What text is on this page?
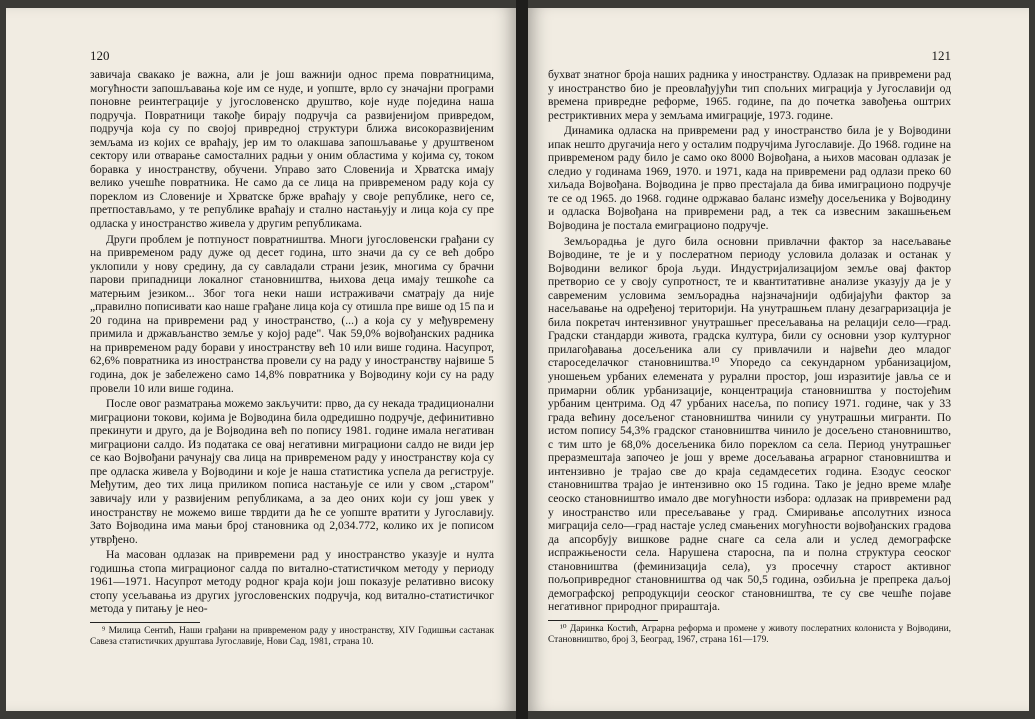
120

завичаја свакако је важна, али је још важнији однос према повратницима, могућности запошљавања које им се нуде, и уопште, врло су значајни програми поновне реинтеграције у југословенско друштво, које нуде поједина наша подручја. Повратници такође бирају подручја са развијенијом привредом, подручја која су по својој привредној структури ближа високоразвијеним земљама из којих се враћају, јер им то олакшава запошљавање у друштвеном сектору или отварање самосталних радњи у оним областима у којима су, током боравка у иностранству, обучени. Управо зато Словенија и Хрватска имају велико учешће повратника. Не само да се лица на привременом раду која су пореклом из Словеније и Хрватске брже враћају у своје републике, него се, претпостављамо, у те републике враћају и стално настањују и лица која су пре одласка у иностранство живела у другим републикама.

Други проблем је потпуност повратништва. Многи југословенски грађани су на привременом раду дуже од десет година, што значи да су се већ добро уклопили у нову средину, да су савладали страни језик, многима су брачни парови припадници локалног становништва, њихова деца имају тешкоће са матерњим језиком... Због тога неки наши истраживачи сматрају да није „правилно пописивати као наше грађане лица која су отишла пре више од 15 па и 20 година на привремени рад у иностранство, (...) а која су у међувремену примила и држављанство земље у којој раде". Чак 59,0% војвођанских радника на привременом раду борави у иностранству већ 10 или више година. Насупрот, 62,6% повратника из иностранства провели су на раду у иностранству највише 5 година, док је забележено само 14,8% повратника у Војводину који су на раду провели 10 или више година.

После овог разматрања можемо закључити: прво, да су некада традиционални миграциони токови, којима је Војводина била одредишно подручје, дефинитивно прекинути и друго, да је Војводина већ по попису 1981. године имала негативан миграциони салдо. Из података се овај негативни миграциони салдо не види јер се као Војвођани рачунају сва лица на привременом раду у иностранству која су пре одласка живела у Војводини и које је наша статистика успела да региструје. Међутим, део тих лица приликом пописа настањује се или у свом „старом" завичају или у развијеним републикама, а за део оних који су још увек у иностранству не можемо више тврдити да ће се уопште вратити у Југославију. Зато Војводина има мањи број становника од 2,034.772, колико их је пописом утврђено.

На масован одлазак на привремени рад у иностранство указује и нулта годишња стопа миграционог салда по витално-статистичком методу у периоду 1961—1971. Насупрот методу родног краја који још показује релативно високу стопу усељавања из других југословенских подручја, код витално-статистичког метода у питању је нео-

⁹ Милица Сентић, Наши грађани на привременом раду у иностранству, XIV Годишњи састанак Савеза статистичких друштава Југославије, Нови Сад, 1981, страна 10.

121

бухват знатног броја наших радника у иностранству. Одлазак на привремени рад у иностранство био је преовлађујући тип спољних миграција у Југославији од времена привредне реформе, 1965. године, па до почетка завођења оштрих рестриктивних мера у земљама имиграције, 1973. године.

Динамика одласка на привремени рад у иностранство била је у Војводини ипак нешто другачија него у осталим подручјима Југославије. До 1968. године на привременом раду било је само око 8000 Војвођана, а њихов масован одлазак је следио у годинама 1969, 1970. и 1971, када на привремени рад одлази преко 60 хиљада Војвођана. Војводина је прво престајала да бива имиграционо подручје те се од 1965. до 1968. године одржавао баланс између досељеника у Војводину и одласка Војвођана на привремени рад, а тек са извесним закашњењем Војводина је постала емиграционо подручје.

Земљорадња је дуго била основни привлачни фактор за насељавање Војводине, те је и у послератном периоду условила долазак и останак у Војводини великог броја људи. Индустријализацијом земље овај фактор претворио се у своју супротност, те и квантитативне анализе указују да је у савременим условима земљорадња најзначајнији одбијајући фактор за насељавање на одређеној територији. На унутрашњем плану дезаграризација је била покретач интензивног унутрашњег пресељавања на релацији село—град. Градски стандарди живота, градска култура, били су основни узор културног прилагођавања досељеника али су привлачили и највећи део младог староседелачког становништва.¹⁰ Упоредо са секундарном урбанизацијом, уношењем урбаних елемената у рурални простор, још изразитије јавља се и примарни облик урбанизације, концентрација становништва у постојећим урбаним центрима. Од 47 урбаних насеља, по попису 1971. године, чак у 33 града већину досељеног становништва чинили су унутрашњи мигранти. По истом попису 54,3% градског становништва чинило је досељено становништво, с тим што је 68,0% досељеника било пореклом са села. Период унутрашњег преразмештаја започео је још у време досељавања аграрног становништва и интензивно је трајао све до краја седамдесетих година. Езодус сеоског становништва трајао је интензивно око 15 година. Тако је једно време млађе сеоско становништво имало две могућности избора: одлазак на привремени рад у иностранство или пресељавање у град. Смиривање апсолутних износа миграција село—град настаје услед смањених могућности војвођанских градова да апсорбују вишкове радне снаге са села али и услед демографске испражњености села. Нарушена старосна, па и полна структура сеоског становништва (феминизација села), уз просечну старост активног пољопривредног становништва од чак 50,5 година, озбиљна је препрека даљој демографској репродукцији сеоског становништва, те су све чешће појаве негативног природног прираштаја.

¹⁰ Даринка Костић, Аграрна реформа и промене у животу послератних колониста у Војводини, Становништво, број 3, Београд, 1967, страна 161—179.
